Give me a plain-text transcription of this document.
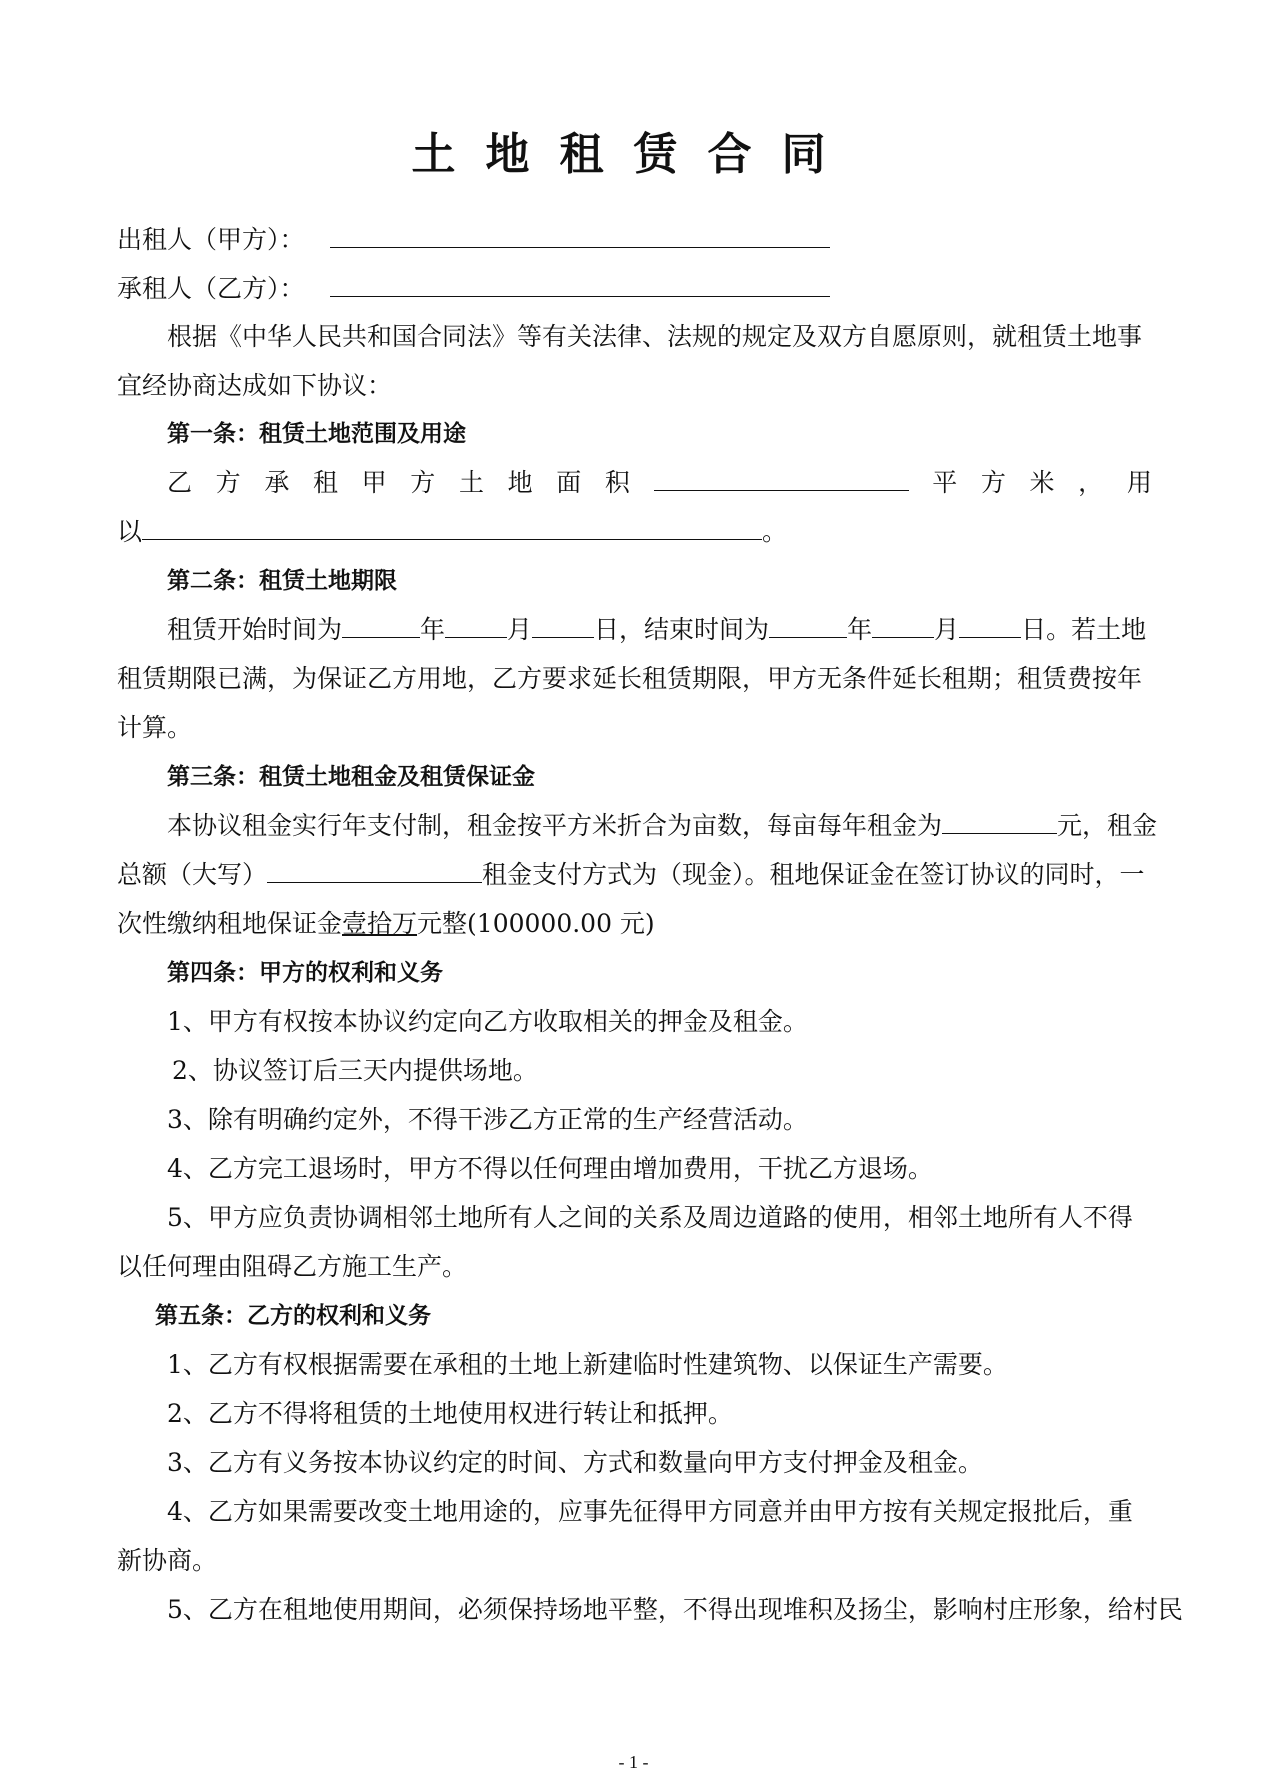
土地租赁合同
出租人（甲方）：
承租人（乙方）：
根据《中华人民共和国合同法》等有关法律、法规的规定及双方自愿原则，就租赁土地事
宜经协商达成如下协议：
第一条：租赁土地范围及用途
乙 方 承 租 甲 方 土 地 面 积	平 方 米 ， 用
以	。
第二条：租赁土地期限
租赁开始时间为	年 月 日，结束时间为	年 月 日。若土地
租赁期限已满，为保证乙方用地，乙方要求延长租赁期限，甲方无条件延长租期；租赁费按年
计算。
第三条：租赁土地租金及租赁保证金
本协议租金实行年支付制，租金按平方米折合为亩数，每亩每年租金为	元，租金
总额（大写）	租金支付方式为（现金）。租地保证金在签订协议的同时，一
次性缴纳租地保证金壹拾万元整(100000.00 元)
第四条：甲方的权利和义务
1、甲方有权按本协议约定向乙方收取相关的押金及租金。
2、协议签订后三天内提供场地。
3、除有明确约定外，不得干涉乙方正常的生产经营活动。
4、乙方完工退场时，甲方不得以任何理由增加费用，干扰乙方退场。
5、甲方应负责协调相邻土地所有人之间的关系及周边道路的使用，相邻土地所有人不得
以任何理由阻碍乙方施工生产。
第五条：乙方的权利和义务
1、乙方有权根据需要在承租的土地上新建临时性建筑物、以保证生产需要。
2、乙方不得将租赁的土地使用权进行转让和抵押。
3、乙方有义务按本协议约定的时间、方式和数量向甲方支付押金及租金。
4、乙方如果需要改变土地用途的，应事先征得甲方同意并由甲方按有关规定报批后，重
新协商。
5、乙方在租地使用期间，必须保持场地平整，不得出现堆积及扬尘，影响村庄形象，给村民
- 1 -
